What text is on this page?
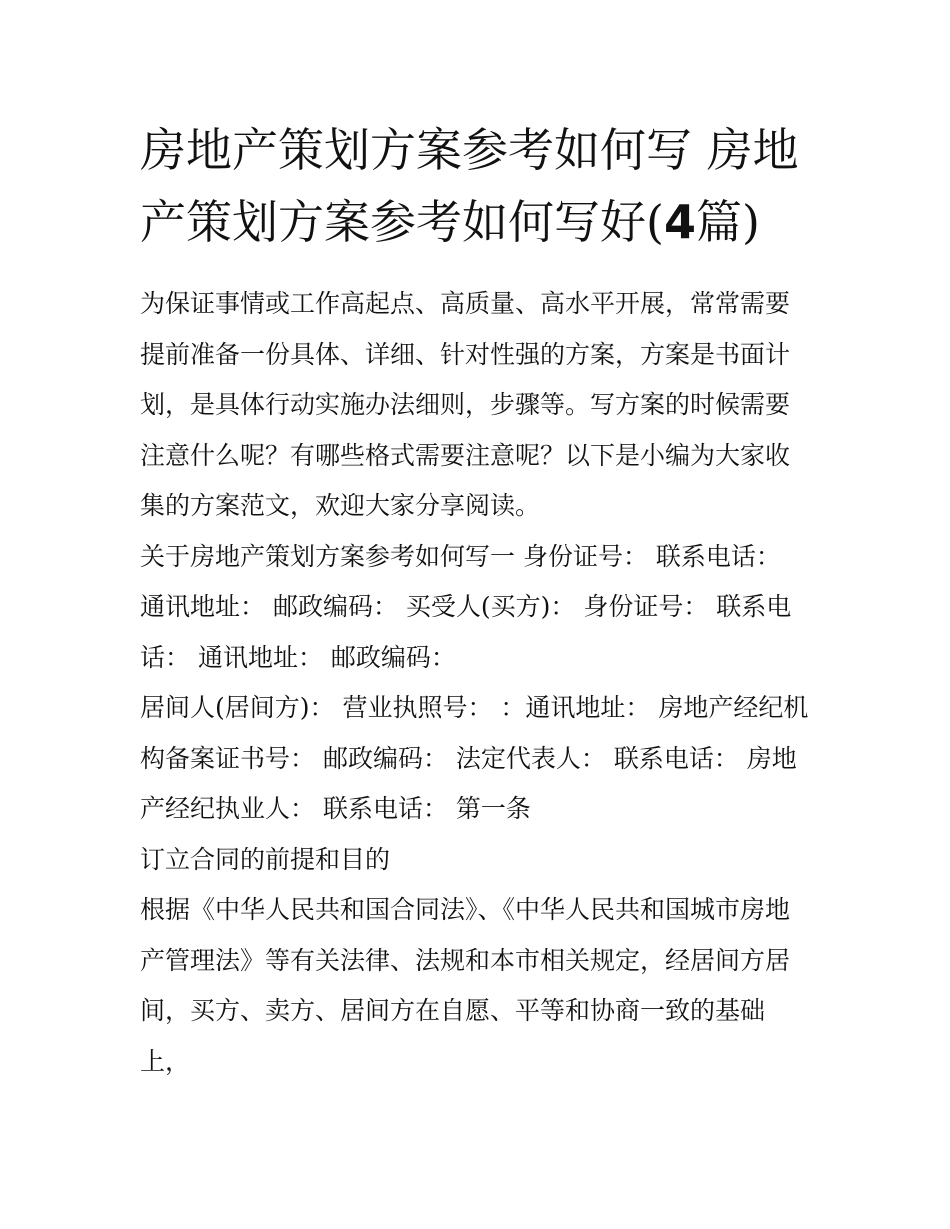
房地产策划方案参考如何写 房地产策划方案参考如何写好(4篇)

为保证事情或工作高起点、高质量、高水平开展，常常需要提前准备一份具体、详细、针对性强的方案，方案是书面计划，是具体行动实施办法细则，步骤等。写方案的时候需要注意什么呢？有哪些格式需要注意呢？以下是小编为大家收集的方案范文，欢迎大家分享阅读。

关于房地产策划方案参考如何写一 身份证号： 联系电话： 通讯地址： 邮政编码： 买受人(买方)： 身份证号： 联系电话： 通讯地址： 邮政编码：

居间人(居间方)： 营业执照号： ：通讯地址： 房地产经纪机构备案证书号： 邮政编码： 法定代表人： 联系电话： 房地产经纪执业人： 联系电话： 第一条

订立合同的前提和目的

根据《中华人民共和国合同法》、《中华人民共和国城市房地产管理法》等有关法律、法规和本市相关规定，经居间方居间，买方、卖方、居间方在自愿、平等和协商一致的基础上，
